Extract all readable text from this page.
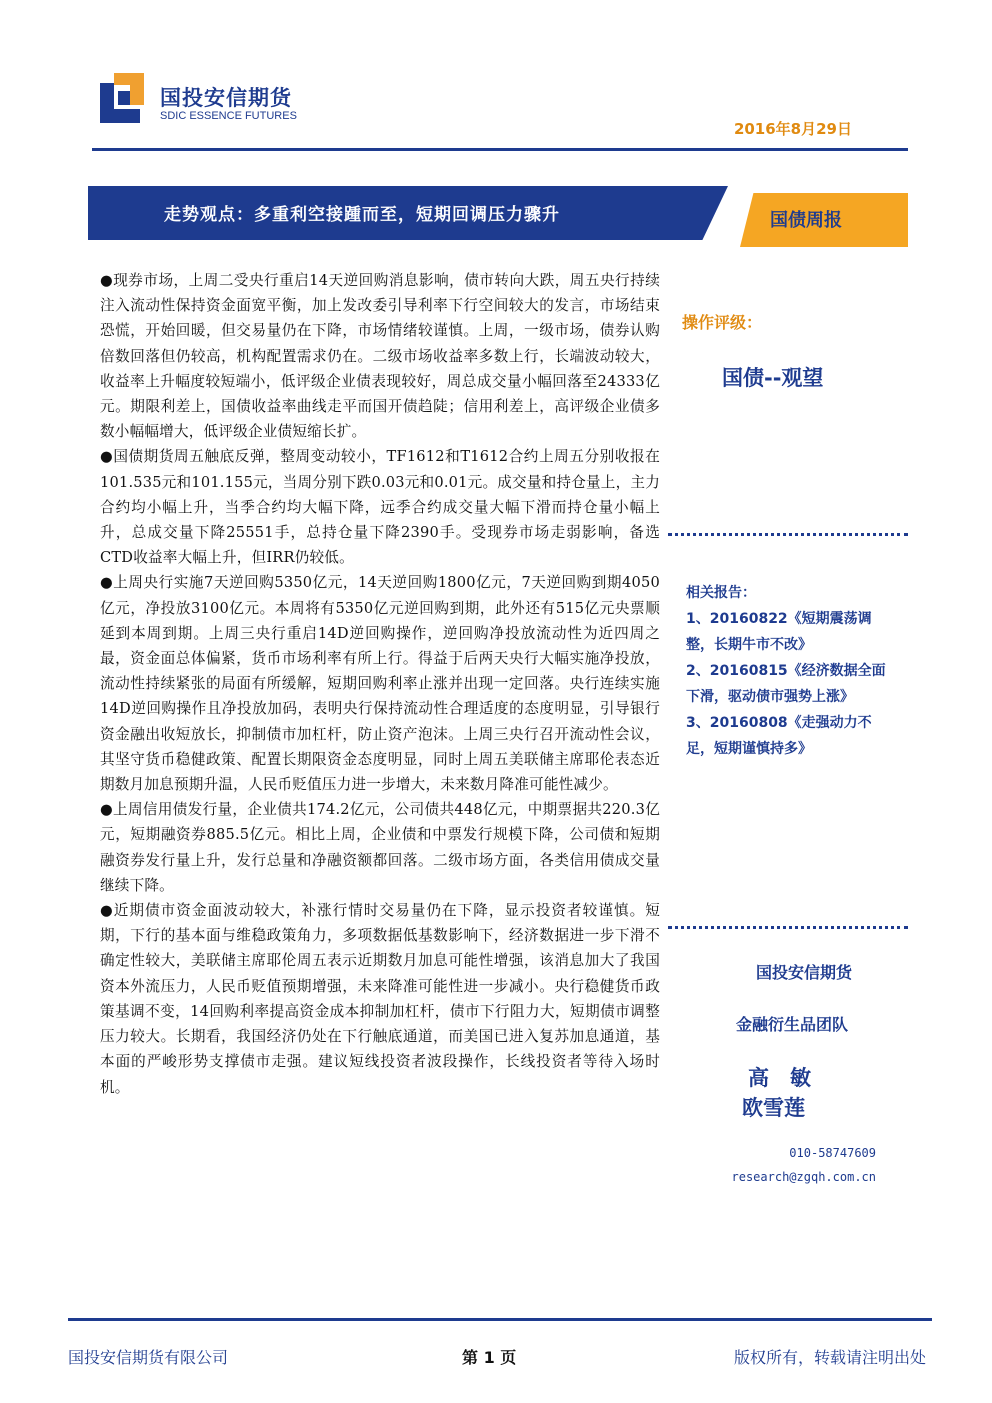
国投安信期货
SDIC ESSENCE FUTURES
2016年8月29日
走势观点：多重利空接踵而至，短期回调压力骤升	国债周报

●现券市场，上周二受央行重启14天逆回购消息影响，债市转向大跌，周五央行持续注入流动性保持资金面宽平衡，加上发改委引导利率下行空间较大的发言，市场结束恐慌，开始回暖，但交易量仍在下降，市场情绪较谨慎。上周，一级市场，债券认购倍数回落但仍较高，机构配置需求仍在。二级市场收益率多数上行，长端波动较大，收益率上升幅度较短端小，低评级企业债表现较好，周总成交量小幅回落至24333亿元。期限利差上，国债收益率曲线走平而国开债趋陡；信用利差上，高评级企业债多数小幅幅增大，低评级企业债短缩长扩。

●国债期货周五触底反弹，整周变动较小，TF1612和T1612合约上周五分别收报在101.535元和101.155元，当周分别下跌0.03元和0.01元。成交量和持仓量上，主力合约均小幅上升，当季合约均大幅下降，远季合约成交量大幅下滑而持仓量小幅上升，总成交量下降25551手，总持仓量下降2390手。受现券市场走弱影响，备选CTD收益率大幅上升，但IRR仍较低。

●上周央行实施7天逆回购5350亿元，14天逆回购1800亿元，7天逆回购到期4050亿元，净投放3100亿元。本周将有5350亿元逆回购到期，此外还有515亿元央票顺延到本周到期。上周三央行重启14D逆回购操作，逆回购净投放流动性为近四周之最，资金面总体偏紧，货币市场利率有所上行。得益于后两天央行大幅实施净投放，流动性持续紧张的局面有所缓解，短期回购利率止涨并出现一定回落。央行连续实施14D逆回购操作且净投放加码，表明央行保持流动性合理适度的态度明显，引导银行资金融出收短放长，抑制债市加杠杆，防止资产泡沫。上周三央行召开流动性会议，其坚守货币稳健政策、配置长期限资金态度明显，同时上周五美联储主席耶伦表态近期数月加息预期升温，人民币贬值压力进一步增大，未来数月降准可能性减少。

●上周信用债发行量，企业债共174.2亿元，公司债共448亿元，中期票据共220.3亿元，短期融资券885.5亿元。相比上周，企业债和中票发行规模下降，公司债和短期融资券发行量上升，发行总量和净融资额都回落。二级市场方面，各类信用债成交量继续下降。

●近期债市资金面波动较大，补涨行情时交易量仍在下降，显示投资者较谨慎。短期，下行的基本面与维稳政策角力，多项数据低基数影响下，经济数据进一步下滑不确定性较大，美联储主席耶伦周五表示近期数月加息可能性增强，该消息加大了我国资本外流压力，人民币贬值预期增强，未来降准可能性进一步减小。央行稳健货币政策基调不变，14回购利率提高资金成本抑制加杠杆，债市下行阻力大，短期债市调整压力较大。长期看，我国经济仍处在下行触底通道，而美国已进入复苏加息通道，基本面的严峻形势支撑债市走强。建议短线投资者波段操作，长线投资者等待入场时机。

操作评级：
国债--观望
相关报告：
1、20160822《短期震荡调整，长期牛市不改》
2、20160815《经济数据全面下滑，驱动债市强势上涨》
3、20160808《走强动力不足，短期谨慎持多》
国投安信期货
金融衍生品团队
高　敏
欧雪莲
010-58747609
research@zgqh.com.cn
国投安信期货有限公司	第 1 页	版权所有，转载请注明出处
